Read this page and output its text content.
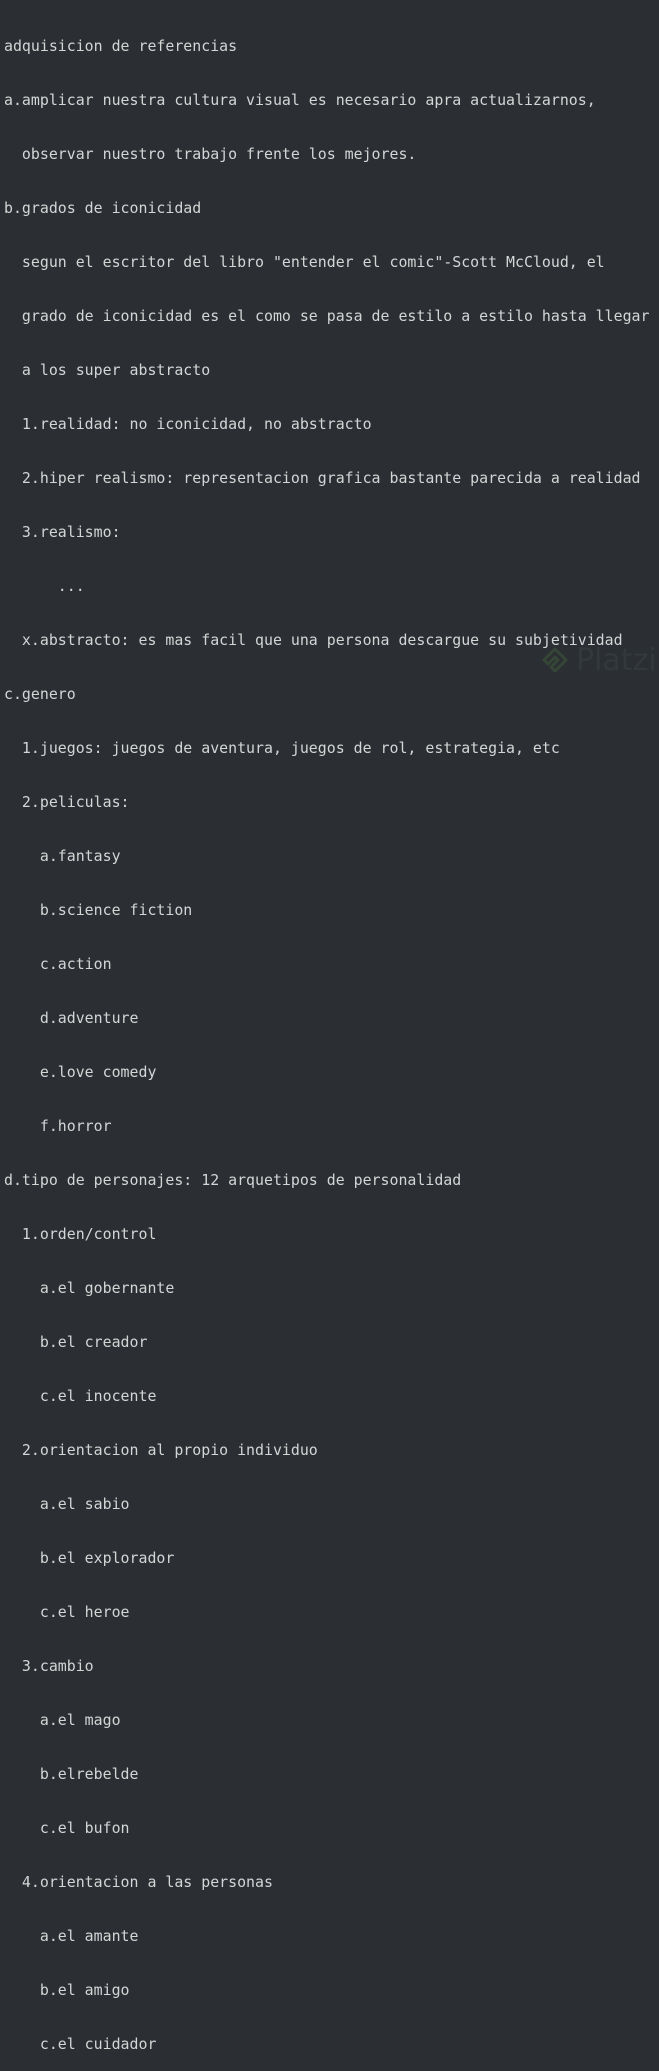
adquisicion de referencias

a.amplicar nuestra cultura visual es necesario apra actualizarnos,

observar nuestro trabajo frente los mejores.

b.grados de iconicidad

segun el escritor del libro "entender el comic"-Scott McCloud, el

grado de iconicidad es el como se pasa de estilo a estilo hasta llegar

a los super abstracto

1.realidad: no iconicidad, no abstracto

2.hiper realismo: representacion grafica bastante parecida a realidad

3.realismo:

...

x.abstracto: es mas facil que una persona descargue su subjetividad

c.genero

1.juegos: juegos de aventura, juegos de rol, estrategia, etc

2.peliculas:

a.fantasy

b.science fiction

c.action

d.adventure

e.love comedy

f.horror

d.tipo de personajes: 12 arquetipos de personalidad

1.orden/control

a.el gobernante

b.el creador

c.el inocente

2.orientacion al propio individuo

a.el sabio

b.el explorador

c.el heroe

3.cambio

a.el mago

b.elrebelde

c.el bufon

4.orientacion a las personas

a.el amante

b.el amigo

c.el cuidador

Platzi
